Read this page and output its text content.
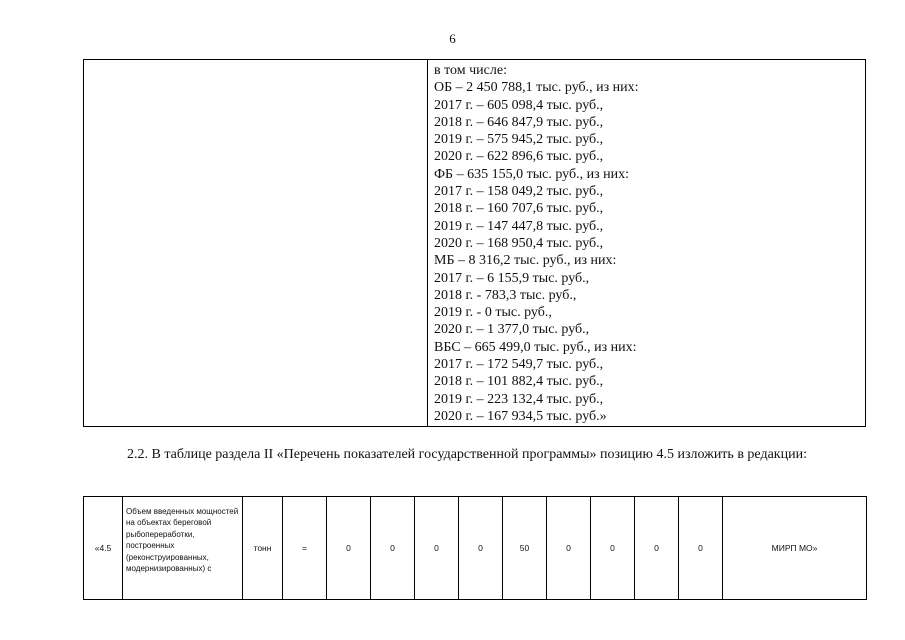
6
в том числе:
ОБ – 2 450 788,1 тыс. руб., из них:
2017 г. – 605 098,4 тыс. руб.,
2018 г. – 646 847,9 тыс. руб.,
2019 г. – 575 945,2 тыс. руб.,
2020 г. – 622 896,6 тыс. руб.,
ФБ – 635 155,0 тыс. руб., из них:
2017 г. – 158 049,2 тыс. руб.,
2018 г. – 160 707,6 тыс. руб.,
2019 г. – 147 447,8 тыс. руб.,
2020 г. – 168 950,4 тыс. руб.,
МБ – 8 316,2 тыс. руб., из них:
2017 г. – 6 155,9 тыс. руб.,
2018 г. - 783,3 тыс. руб.,
2019 г. - 0 тыс. руб.,
2020 г. – 1 377,0 тыс. руб.,
ВБС – 665 499,0 тыс. руб., из них:
2017 г. – 172 549,7 тыс. руб.,
2018 г. – 101 882,4 тыс. руб.,
2019 г. – 223 132,4 тыс. руб.,
2020 г. – 167 934,5 тыс. руб.»
2.2. В таблице раздела II «Перечень показателей государственной программы» позицию 4.5 изложить в редакции:
«4.5	Объем введенных мощностей на объектах береговой рыбопереработки, построенных (реконструированных, модернизированных) с	тонн	=	0	0	0	0	50	0	0	0	0	МИРП МО»
